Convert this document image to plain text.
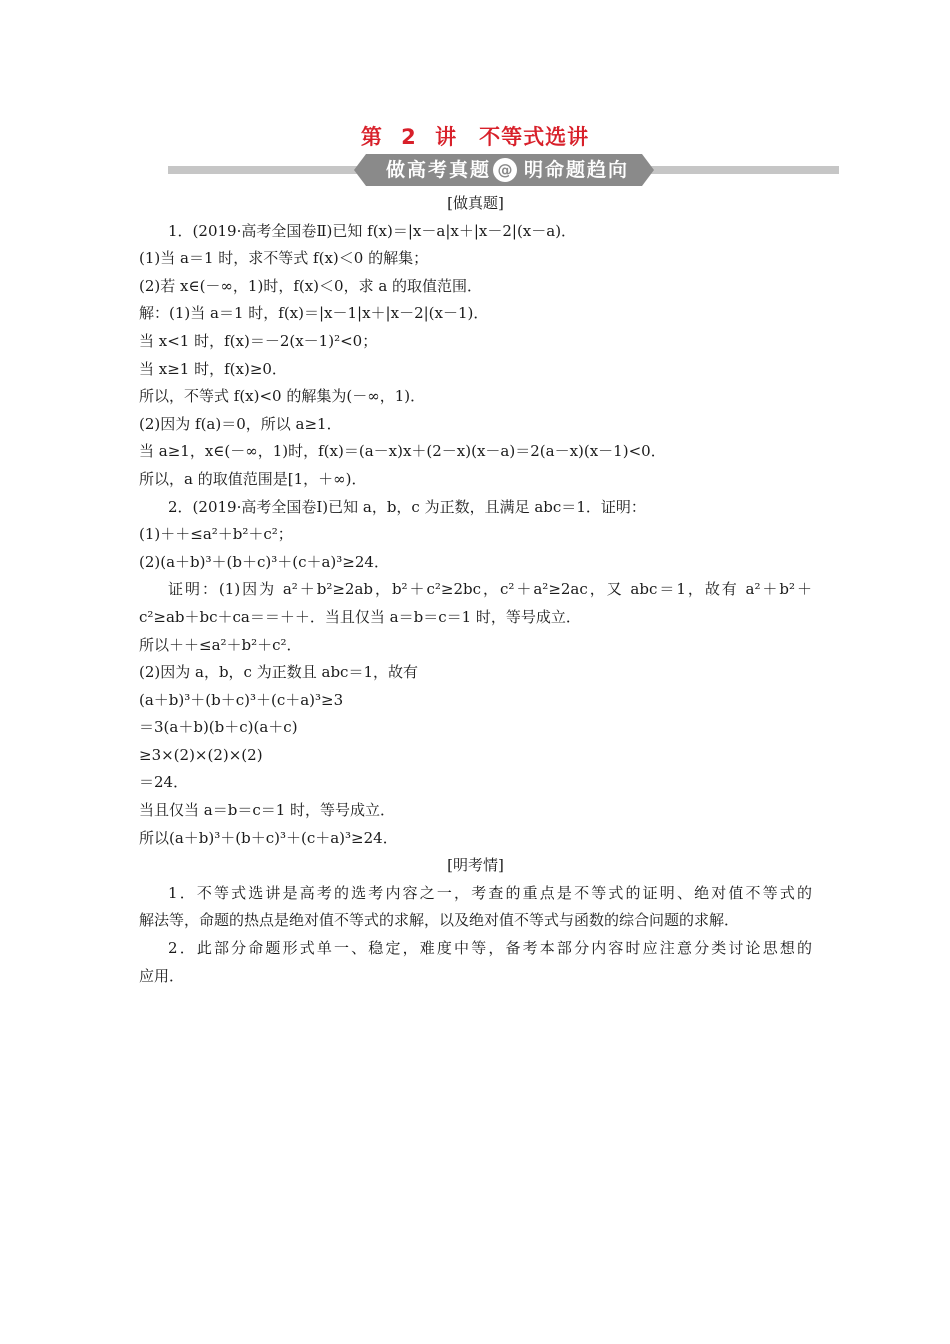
第 2 讲　不等式选讲
做高考真题 @ 明命题趋向
[做真题]
1．(2019·高考全国卷Ⅱ)已知 f(x)＝|x－a|x＋|x－2|(x－a)．
(1)当 a＝1 时，求不等式 f(x)＜0 的解集；
(2)若 x∈(－∞，1)时，f(x)＜0，求 a 的取值范围．
解：(1)当 a＝1 时，f(x)＝|x－1|x＋|x－2|(x－1)．
当 x<1 时，f(x)＝－2(x－1)²<0；
当 x≥1 时，f(x)≥0．
所以，不等式 f(x)<0 的解集为(－∞，1)．
(2)因为 f(a)＝0，所以 a≥1．
当 a≥1，x∈(－∞，1)时，f(x)＝(a－x)x＋(2－x)(x－a)＝2(a－x)(x－1)<0．
所以，a 的取值范围是[1，＋∞)．
2．(2019·高考全国卷Ⅰ)已知 a，b，c 为正数，且满足 abc＝1．证明：
(1)＋＋≤a²＋b²＋c²；
(2)(a＋b)³＋(b＋c)³＋(c＋a)³≥24．
证明：(1)因为 a²＋b²≥2ab，b²＋c²≥2bc，c²＋a²≥2ac，又 abc＝1，故有 a²＋b²＋
c²≥ab＋bc＋ca＝＝＋＋．当且仅当 a＝b＝c＝1 时，等号成立．
所以＋＋≤a²＋b²＋c²．
(2)因为 a，b，c 为正数且 abc＝1，故有
(a＋b)³＋(b＋c)³＋(c＋a)³≥3
＝3(a＋b)(b＋c)(a＋c)
≥3×(2)×(2)×(2)
＝24．
当且仅当 a＝b＝c＝1 时，等号成立．
所以(a＋b)³＋(b＋c)³＋(c＋a)³≥24．
[明考情]
1．不等式选讲是高考的选考内容之一，考查的重点是不等式的证明、绝对值不等式的
解法等，命题的热点是绝对值不等式的求解，以及绝对值不等式与函数的综合问题的求解．
2．此部分命题形式单一、稳定，难度中等，备考本部分内容时应注意分类讨论思想的
应用．
